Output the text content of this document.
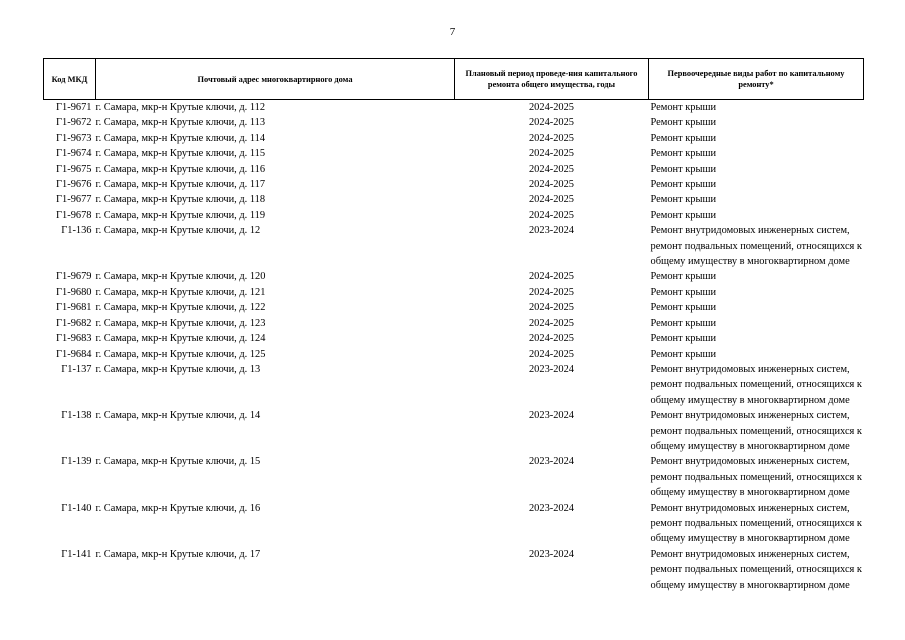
7
Код МКД	Почтовый адрес многоквартирного дома	Плановый период проведе-ния капитального ремонта общего имущества, годы	Первоочередные виды работ по капитальному ремонту*
Г1-9671	г. Самара, мкр-н Крутые ключи, д. 112	2024-2025	Ремонт крыши

Г1-9672	г. Самара, мкр-н Крутые ключи, д. 113	2024-2025	Ремонт крыши

Г1-9673	г. Самара, мкр-н Крутые ключи, д. 114	2024-2025	Ремонт крыши

Г1-9674	г. Самара, мкр-н Крутые ключи, д. 115	2024-2025	Ремонт крыши

Г1-9675	г. Самара, мкр-н Крутые ключи, д. 116	2024-2025	Ремонт крыши

Г1-9676	г. Самара, мкр-н Крутые ключи, д. 117	2024-2025	Ремонт крыши

Г1-9677	г. Самара, мкр-н Крутые ключи, д. 118	2024-2025	Ремонт крыши

Г1-9678	г. Самара, мкр-н Крутые ключи, д. 119	2024-2025	Ремонт крыши

Г1-136	г. Самара, мкр-н Крутые ключи, д. 12	2023-2024	Ремонт внутридомовых инженерных систем,
ремонт подвальных помещений, относящихся к
общему имуществу в многоквартирном доме

Г1-9679	г. Самара, мкр-н Крутые ключи, д. 120	2024-2025	Ремонт крыши

Г1-9680	г. Самара, мкр-н Крутые ключи, д. 121	2024-2025	Ремонт крыши

Г1-9681	г. Самара, мкр-н Крутые ключи, д. 122	2024-2025	Ремонт крыши

Г1-9682	г. Самара, мкр-н Крутые ключи, д. 123	2024-2025	Ремонт крыши

Г1-9683	г. Самара, мкр-н Крутые ключи, д. 124	2024-2025	Ремонт крыши

Г1-9684	г. Самара, мкр-н Крутые ключи, д. 125	2024-2025	Ремонт крыши

Г1-137	г. Самара, мкр-н Крутые ключи, д. 13	2023-2024	Ремонт внутридомовых инженерных систем,
ремонт подвальных помещений, относящихся к
общему имуществу в многоквартирном доме

Г1-138	г. Самара, мкр-н Крутые ключи, д. 14	2023-2024	Ремонт внутридомовых инженерных систем,
ремонт подвальных помещений, относящихся к
общему имуществу в многоквартирном доме

Г1-139	г. Самара, мкр-н Крутые ключи, д. 15	2023-2024	Ремонт внутридомовых инженерных систем,
ремонт подвальных помещений, относящихся к
общему имуществу в многоквартирном доме

Г1-140	г. Самара, мкр-н Крутые ключи, д. 16	2023-2024	Ремонт внутридомовых инженерных систем,
ремонт подвальных помещений, относящихся к
общему имуществу в многоквартирном доме

Г1-141	г. Самара, мкр-н Крутые ключи, д. 17	2023-2024	Ремонт внутридомовых инженерных систем,
ремонт подвальных помещений, относящихся к
общему имуществу в многоквартирном доме
